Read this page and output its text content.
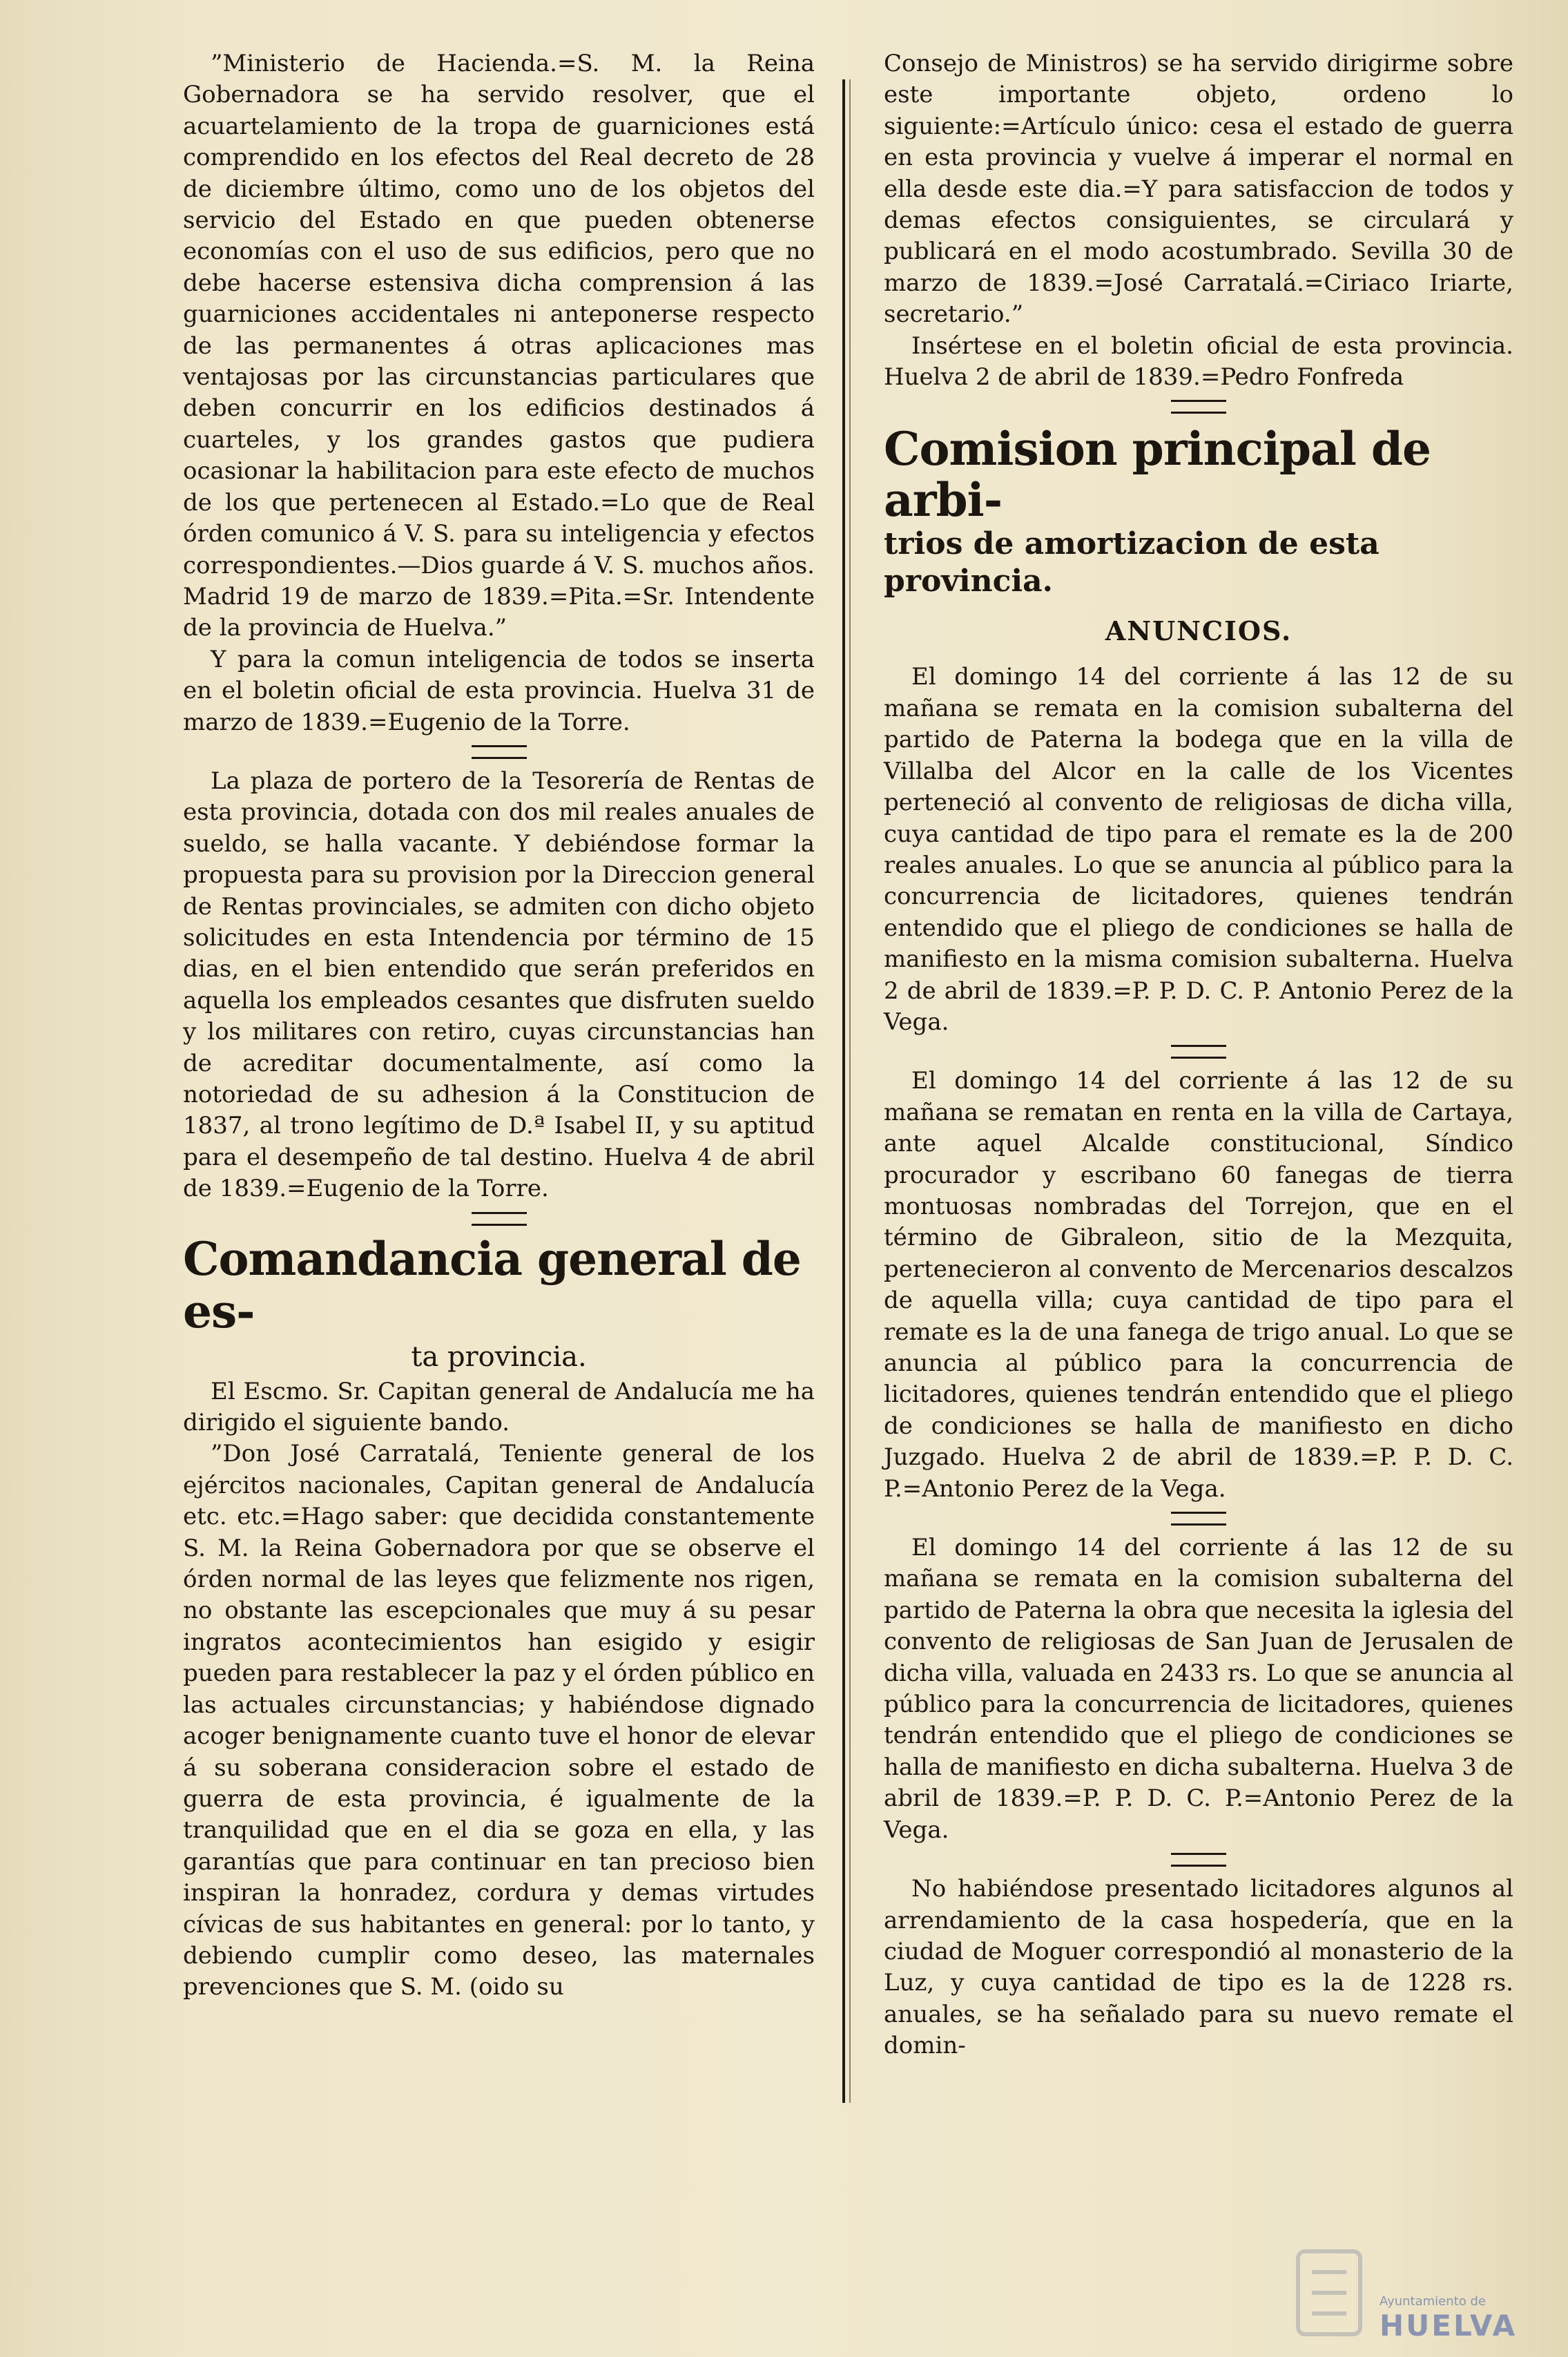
”Ministerio de Hacienda.=S. M. la Reina Gobernadora se ha servido resolver, que el acuartelamiento de la tropa de guarniciones está comprendido en los efectos del Real decreto de 28 de diciembre último, como uno de los objetos del servicio del Estado en que pueden obtenerse economías con el uso de sus edificios, pero que no debe hacerse estensiva dicha comprension á las guarniciones accidentales ni anteponerse respecto de las permanentes á otras aplicaciones mas ventajosas por las circunstancias particulares que deben concurrir en los edificios destinados á cuarteles, y los grandes gastos que pudiera ocasionar la habilitacion para este efecto de muchos de los que pertenecen al Estado.=Lo que de Real órden comunico á V. S. para su inteligencia y efectos correspondientes.—Dios guarde á V. S. muchos años. Madrid 19 de marzo de 1839.=Pita.=Sr. Intendente de la provincia de Huelva.”

Y para la comun inteligencia de todos se inserta en el boletin oficial de esta provincia. Huelva 31 de marzo de 1839.=Eugenio de la Torre.

La plaza de portero de la Tesorería de Rentas de esta provincia, dotada con dos mil reales anuales de sueldo, se halla vacante. Y debiéndose formar la propuesta para su provision por la Direccion general de Rentas provinciales, se admiten con dicho objeto solicitudes en esta Intendencia por término de 15 dias, en el bien entendido que serán preferidos en aquella los empleados cesantes que disfruten sueldo y los militares con retiro, cuyas circunstancias han de acreditar documentalmente, así como la notoriedad de su adhesion á la Constitucion de 1837, al trono legítimo de D.ª Isabel II, y su aptitud para el desempeño de tal destino. Huelva 4 de abril de 1839.=Eugenio de la Torre.

Comandancia general de es-
ta provincia.

El Escmo. Sr. Capitan general de Andalucía me ha dirigido el siguiente bando.

”Don José Carratalá, Teniente general de los ejércitos nacionales, Capitan general de Andalucía etc. etc.=Hago saber: que decidida constantemente S. M. la Reina Gobernadora por que se observe el órden normal de las leyes que felizmente nos rigen, no obstante las escepcionales que muy á su pesar ingratos acontecimientos han esigido y esigir pueden para restablecer la paz y el órden público en las actuales circunstancias; y habiéndose dignado acoger benignamente cuanto tuve el honor de elevar á su soberana consideracion sobre el estado de guerra de esta provincia, é igualmente de la tranquilidad que en el dia se goza en ella, y las garantías que para continuar en tan precioso bien inspiran la honradez, cordura y demas virtudes cívicas de sus habitantes en general: por lo tanto, y debiendo cumplir como deseo, las maternales prevenciones que S. M. (oido su

Consejo de Ministros) se ha servido dirigirme sobre este importante objeto, ordeno lo siguiente:=Artículo único: cesa el estado de guerra en esta provincia y vuelve á imperar el normal en ella desde este dia.=Y para satisfaccion de todos y demas efectos consiguientes, se circulará y publicará en el modo acostumbrado. Sevilla 30 de marzo de 1839.=José Carratalá.=Ciriaco Iriarte, secretario.”

Insértese en el boletin oficial de esta provincia. Huelva 2 de abril de 1839.=Pedro Fonfreda

Comision principal de arbi-
trios de amortizacion de esta provincia.
ANUNCIOS.

El domingo 14 del corriente á las 12 de su mañana se remata en la comision subalterna del partido de Paterna la bodega que en la villa de Villalba del Alcor en la calle de los Vicentes perteneció al convento de religiosas de dicha villa, cuya cantidad de tipo para el remate es la de 200 reales anuales. Lo que se anuncia al público para la concurrencia de licitadores, quienes tendrán entendido que el pliego de condiciones se halla de manifiesto en la misma comision subalterna. Huelva 2 de abril de 1839.=P. P. D. C. P. Antonio Perez de la Vega.

El domingo 14 del corriente á las 12 de su mañana se rematan en renta en la villa de Cartaya, ante aquel Alcalde constitucional, Síndico procurador y escribano 60 fanegas de tierra montuosas nombradas del Torrejon, que en el término de Gibraleon, sitio de la Mezquita, pertenecieron al convento de Mercenarios descalzos de aquella villa; cuya cantidad de tipo para el remate es la de una fanega de trigo anual. Lo que se anuncia al público para la concurrencia de licitadores, quienes tendrán entendido que el pliego de condiciones se halla de manifiesto en dicho Juzgado. Huelva 2 de abril de 1839.=P. P. D. C. P.=Antonio Perez de la Vega.

El domingo 14 del corriente á las 12 de su mañana se remata en la comision subalterna del partido de Paterna la obra que necesita la iglesia del convento de religiosas de San Juan de Jerusalen de dicha villa, valuada en 2433 rs. Lo que se anuncia al público para la concurrencia de licitadores, quienes tendrán entendido que el pliego de condiciones se halla de manifiesto en dicha subalterna. Huelva 3 de abril de 1839.=P. P. D. C. P.=Antonio Perez de la Vega.

No habiéndose presentado licitadores algunos al arrendamiento de la casa hospedería, que en la ciudad de Moguer correspondió al monasterio de la Luz, y cuya cantidad de tipo es la de 1228 rs. anuales, se ha señalado para su nuevo remate el domin-

Ayuntamiento de
HUELVA
